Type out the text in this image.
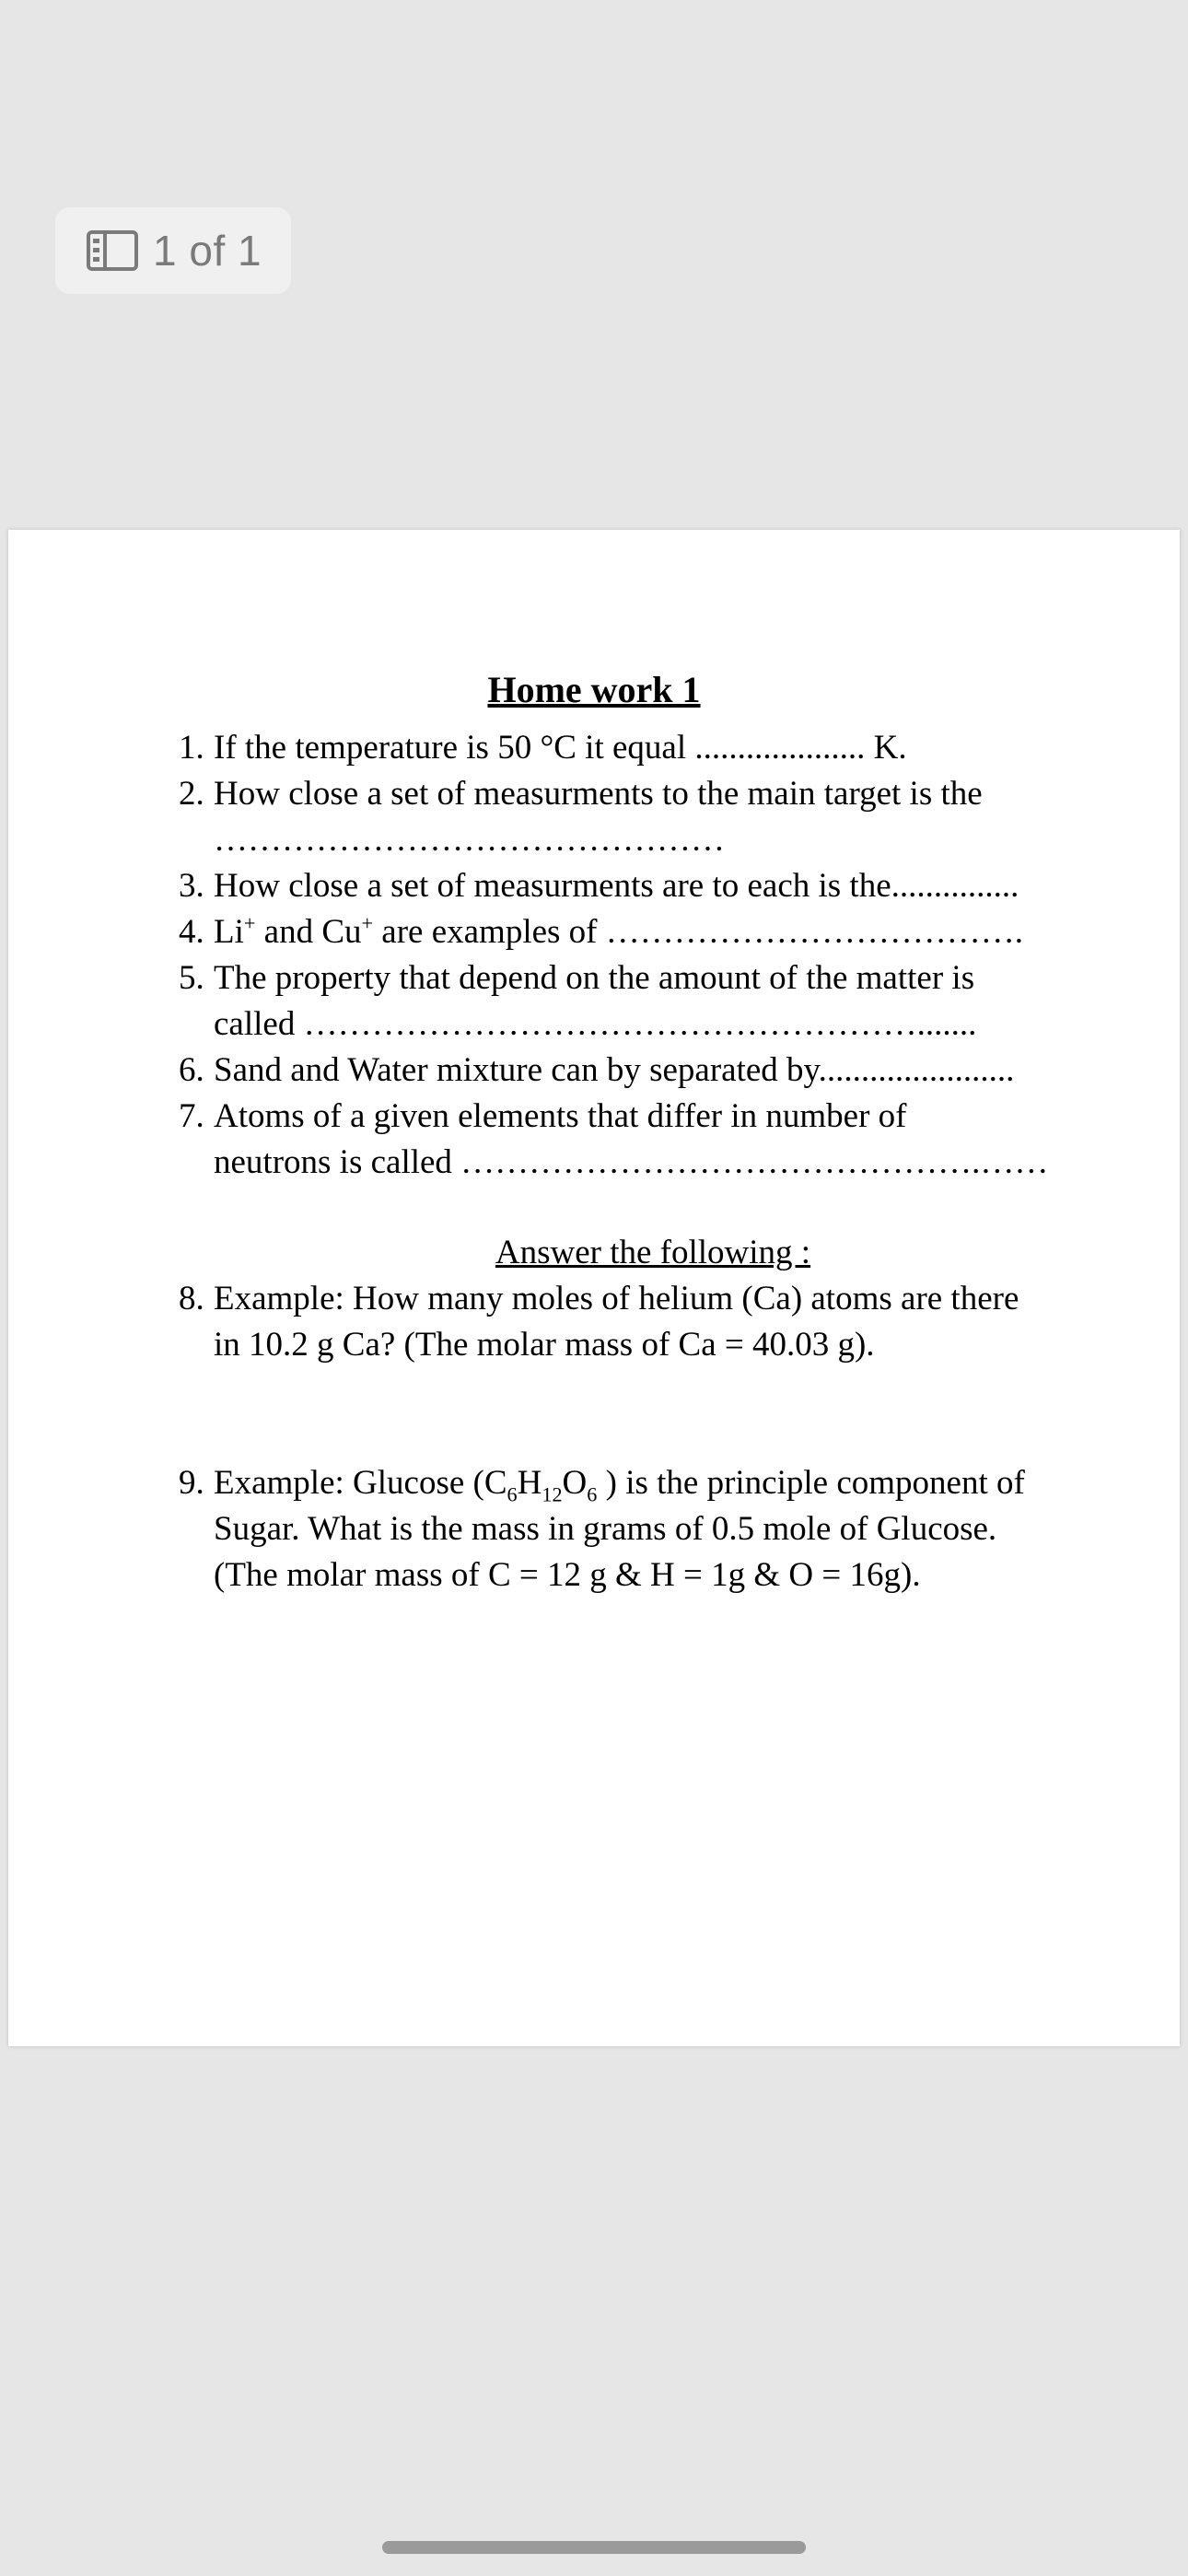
1 of 1
Home work 1
1. If the temperature is 50 °C it equal .................... K.
2. How close a set of measurments to the main target is the
………………………………………
3. How close a set of measurments are to each is the...............
4. Li+ and Cu+ are examples of ……………………………….
5. The property that depend on the amount of the matter is
called ……………………………………………….......
6. Sand and Water mixture can by separated by.......................
7. Atoms of a given elements that differ in number of
neutrons is called ……………………………………….……
Answer the following :
8. Example: How many moles of helium (Ca) atoms are there
in 10.2 g Ca? (The molar mass of Ca = 40.03 g).
9. Example: Glucose ($C_6H_{12}O_6$ ) is the principle component of
Sugar. What is the mass in grams of 0.5 mole of Glucose.
(The molar mass of C = 12 g & H = 1g & O = 16g).
